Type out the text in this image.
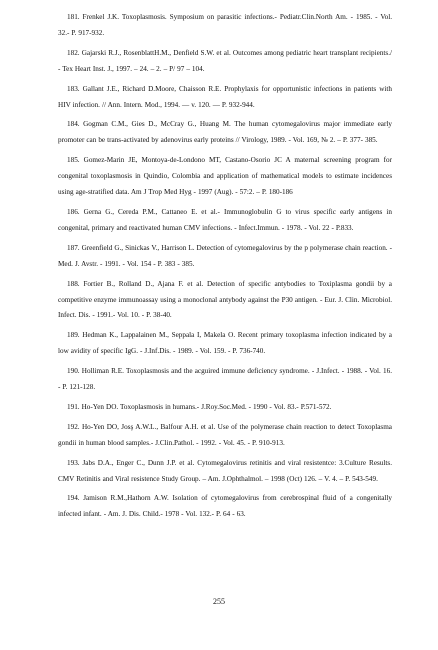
181. Frenkel J.K. Toxoplasmosis. Symposium on parasitic infections.- Pediatr.Clin.North Am. - 1985. - Vol. 32.- P. 917-932.
182. Gajarski R.J., RosenblattH.M., Denfield S.W. et al. Outcomes among pediatric heart transplant recipients./ - Tex Heart Inst. J., 1997. – 24. – 2. – P/ 97 – 104.
183. Gallant J.E., Richard D.Moore, Chaisson R.E. Prophylaxis for opportunistic infections in patients with HIV infection. // Ann. Intern. Mod., 1994. — v. 120. — P. 932-944.
184. Gogman C.M., Gies D., McCray G., Huang M. The human cytomegalovirus major immediate early promoter can be trans-activated by adenovirus early proteins // Virology, 1989. - Vol. 169, № 2. – P. 377- 385.
185. Gomez-Marin JE, Montoya-de-Londono MT, Castano-Osorio JC A maternal screening program for congenital toxoplasmosis in Quindio, Colombia and application of mathematical models to estimate incidences using age-stratified data. Am J Trop Med Hyg - 1997 (Aug). - 57:2. – P. 180-186
186. Gerna G., Cereda P.M., Cattaneo E. et al.- Immunoglobulin G to virus specific early antigens in congenital, primary and reactivated human CMV infections. - Infect.Immun. - 1978. - Vol. 22 - P.833.
187. Greenfield G., Sinickas V., Harrison L. Detection of cytomegalovirus by the p polymerase chain reaction. - Med. J. Avstr. - 1991. - Vol. 154 - P. 383 - 385.
188. Fortier B., Rolland D., Ajana F. et al. Detection of specific antybodies to Toxiplasma gondii by a competitive enzyme immunoassay using a monoclonal antybody against the P30 antigen. - Eur. J. Clin. Microbiol. Infect. Dis. - 1991.- Vol. 10. - P. 38-40.
189. Hedman K., Lappalainen M., Seppala I, Makela O. Recent primary toxoplasma infection indicated by a low avidity of specific IgG. - J.Inf.Dis. - 1989. - Vol. 159. - P. 736-740.
190. Holliman R.E. Toxoplasmosis and the acguired immune deficiency syndrome. - J.Infect. - 1988. - Vol. 16. - P. 121-128.
191. Ho-Yen DO. Toxoplasmosis in humans.- J.Roy.Soc.Med. - 1990 - Vol. 83.- P.571-572.
192. Ho-Yen DO, Josş A.W.L., Balfour A.H. et al. Use of the polymerase chain reaction to detect Toxoplasma gondii in human blood samples.- J.Clin.Pathol. - 1992. - Vol. 45. - P. 910-913.
193. Jabs D.A., Enger C., Dunn J.P. et al. Cytomegalovirus retinitis and viral resistentce: 3.Culture Results. CMV Retinitis and Viral resistence Study Group. – Am. J.Ophthalmol. – 1998 (Oct) 126. – V. 4. – P. 543-549.
194. Jamison R.M.,Hathorn A.W. Isolation of cytomegalovirus from cerebrospinal fluid of a congenitally infected infant. - Am. J. Dis. Child.- 1978 - Vol. 132.- P. 64 - 63.
255
